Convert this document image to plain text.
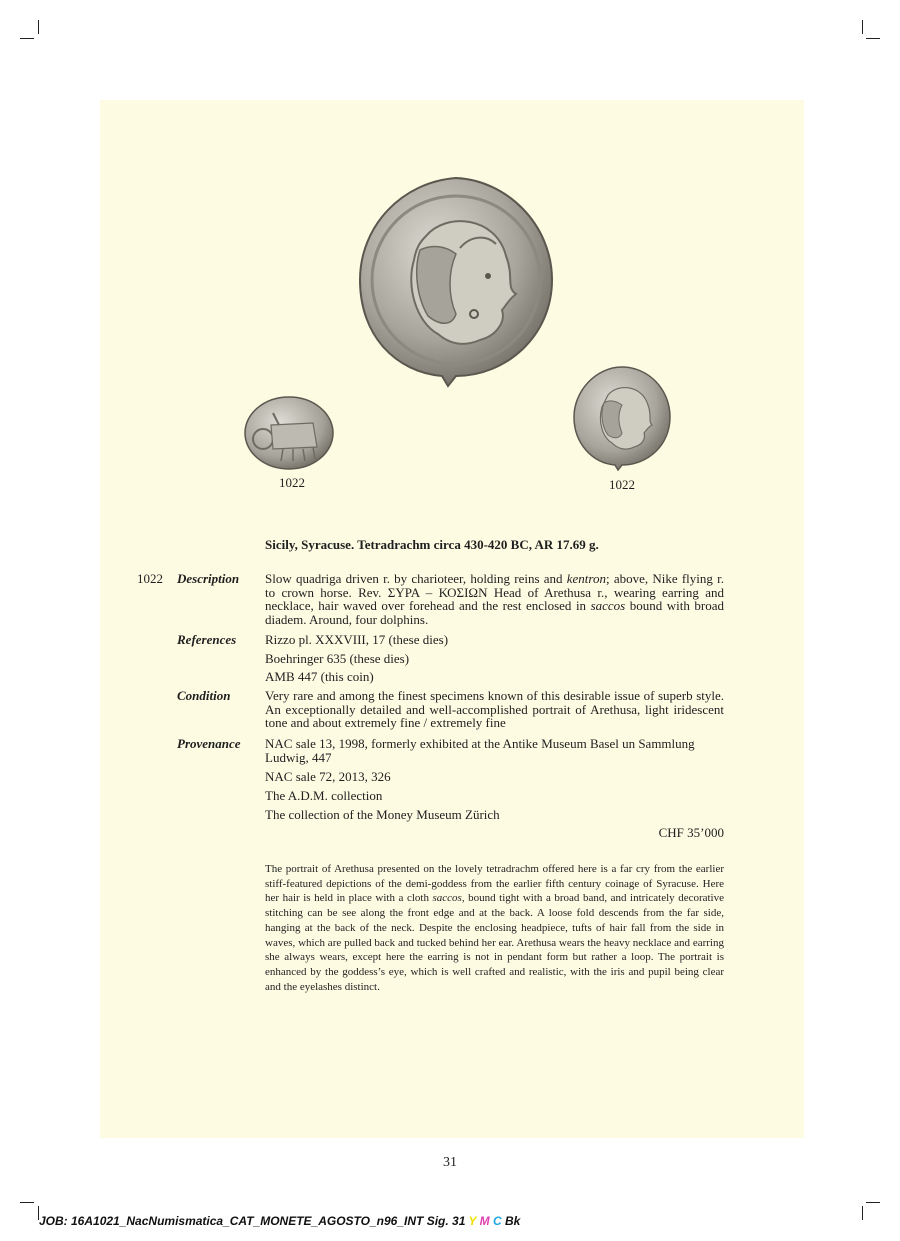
1022	1022
Sicily, Syracuse. Tetradrachm circa 430-420 BC, AR 17.69 g.
1022 Description Slow quadriga driven r. by charioteer, holding reins and kentron; above, Nike flying r. to crown horse. Rev. ΣΥΡΑ – ΚΟΣΙΩΝ Head of Arethusa r., wearing earring and necklace, hair waved over forehead and the rest enclosed in saccos bound with broad diadem. Around, four dolphins.
References Rizzo pl. XXXVIII, 17 (these dies)
Boehringer 635 (these dies)
AMB 447 (this coin)
Condition	Very rare and among the finest specimens known of this desirable issue of superb style. An exceptionally detailed and well-accomplished portrait of Arethusa, light iridescent tone and about extremely fine / extremely fine
Provenance NAC sale 13, 1998, formerly exhibited at the Antike Museum Basel un Sammlung Ludwig, 447
NAC sale 72, 2013, 326
The A.D.M. collection
The collection of the Money Museum Zürich
CHF 35’000
The portrait of Arethusa presented on the lovely tetradrachm offered here is a far cry from the earlier stiff-featured depictions of the demi-goddess from the earlier fifth century coinage of Syracuse. Here her hair is held in place with a cloth saccos, bound tight with a broad band, and intricately decorative stitching can be see along the front edge and at the back. A loose fold descends from the far side, hanging at the back of the neck. Despite the enclosing headpiece, tufts of hair fall from the side in waves, which are pulled back and tucked behind her ear. Arethusa wears the heavy necklace and earring she always wears, except here the earring is not in pendant form but rather a loop. The portrait is enhanced by the goddess’s eye, which is well crafted and realistic, with the iris and pupil being clear and the eyelashes distinct.
31
JOB: 16A1021_NacNumismatica_CAT_MONETE_AGOSTO_n96_INT Sig. 31 Y M C Bk
